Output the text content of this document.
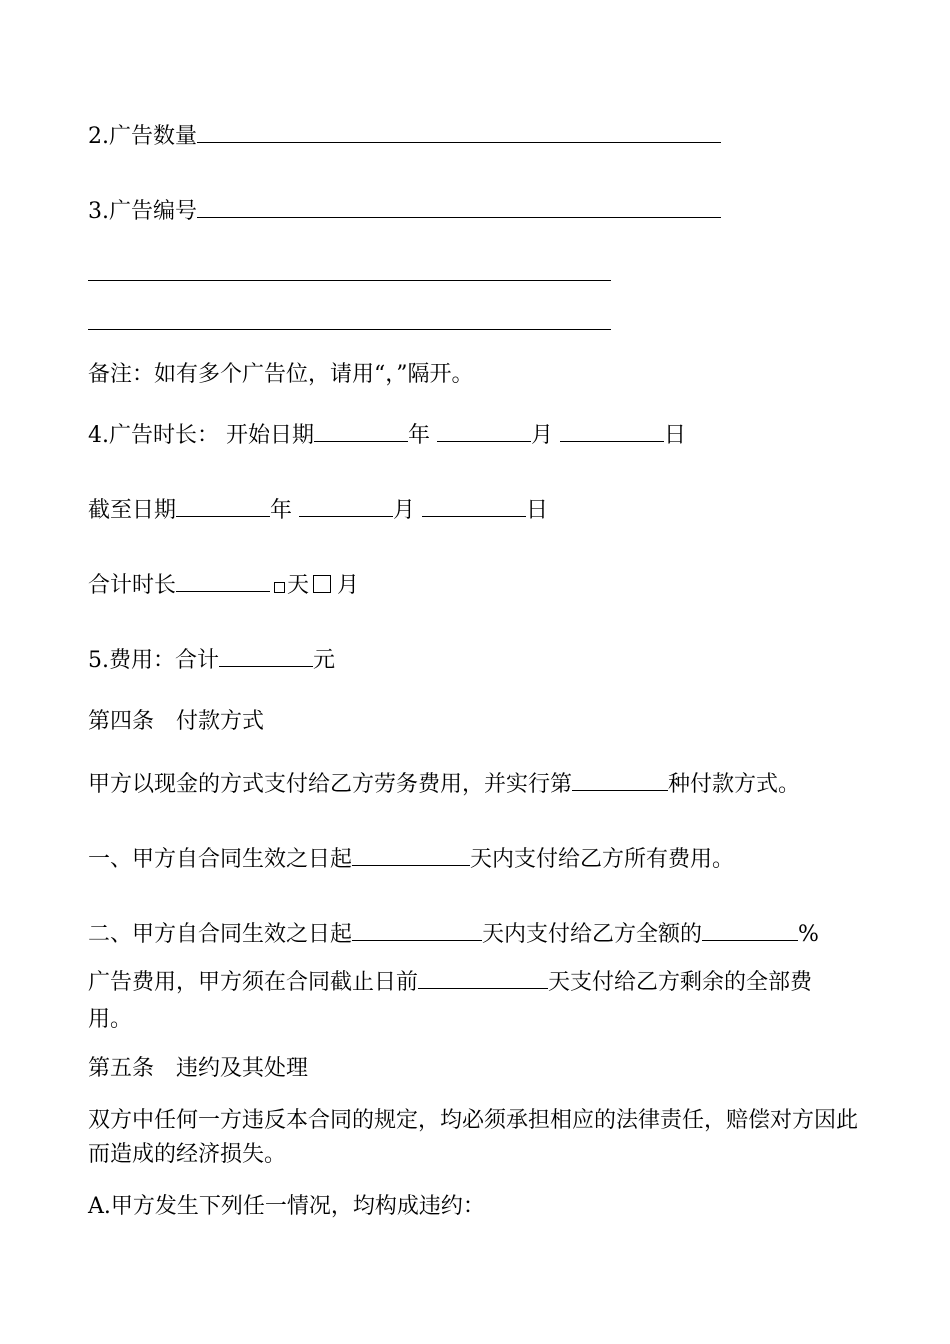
2.广告数量
3.广告编号
备注：如有多个广告位，请用“，”隔开。
4.广告时长： 开始日期	年	月	日
截至日期	年	月	日
合计时长	天 月
5.费用：合计	元
第四条　付款方式
甲方以现金的方式支付给乙方劳务费用，并实行第	种付款方式。
一、甲方自合同生效之日起	天内支付给乙方所有费用。
二、甲方自合同生效之日起	天内支付给乙方全额的	%
广告费用，甲方须在合同截止日前	天支付给乙方剩余的全部费
用。
第五条　违约及其处理
双方中任何一方违反本合同的规定，均必须承担相应的法律责任，赔偿对方因此而造成的经济损失。
A.甲方发生下列任一情况，均构成违约：
